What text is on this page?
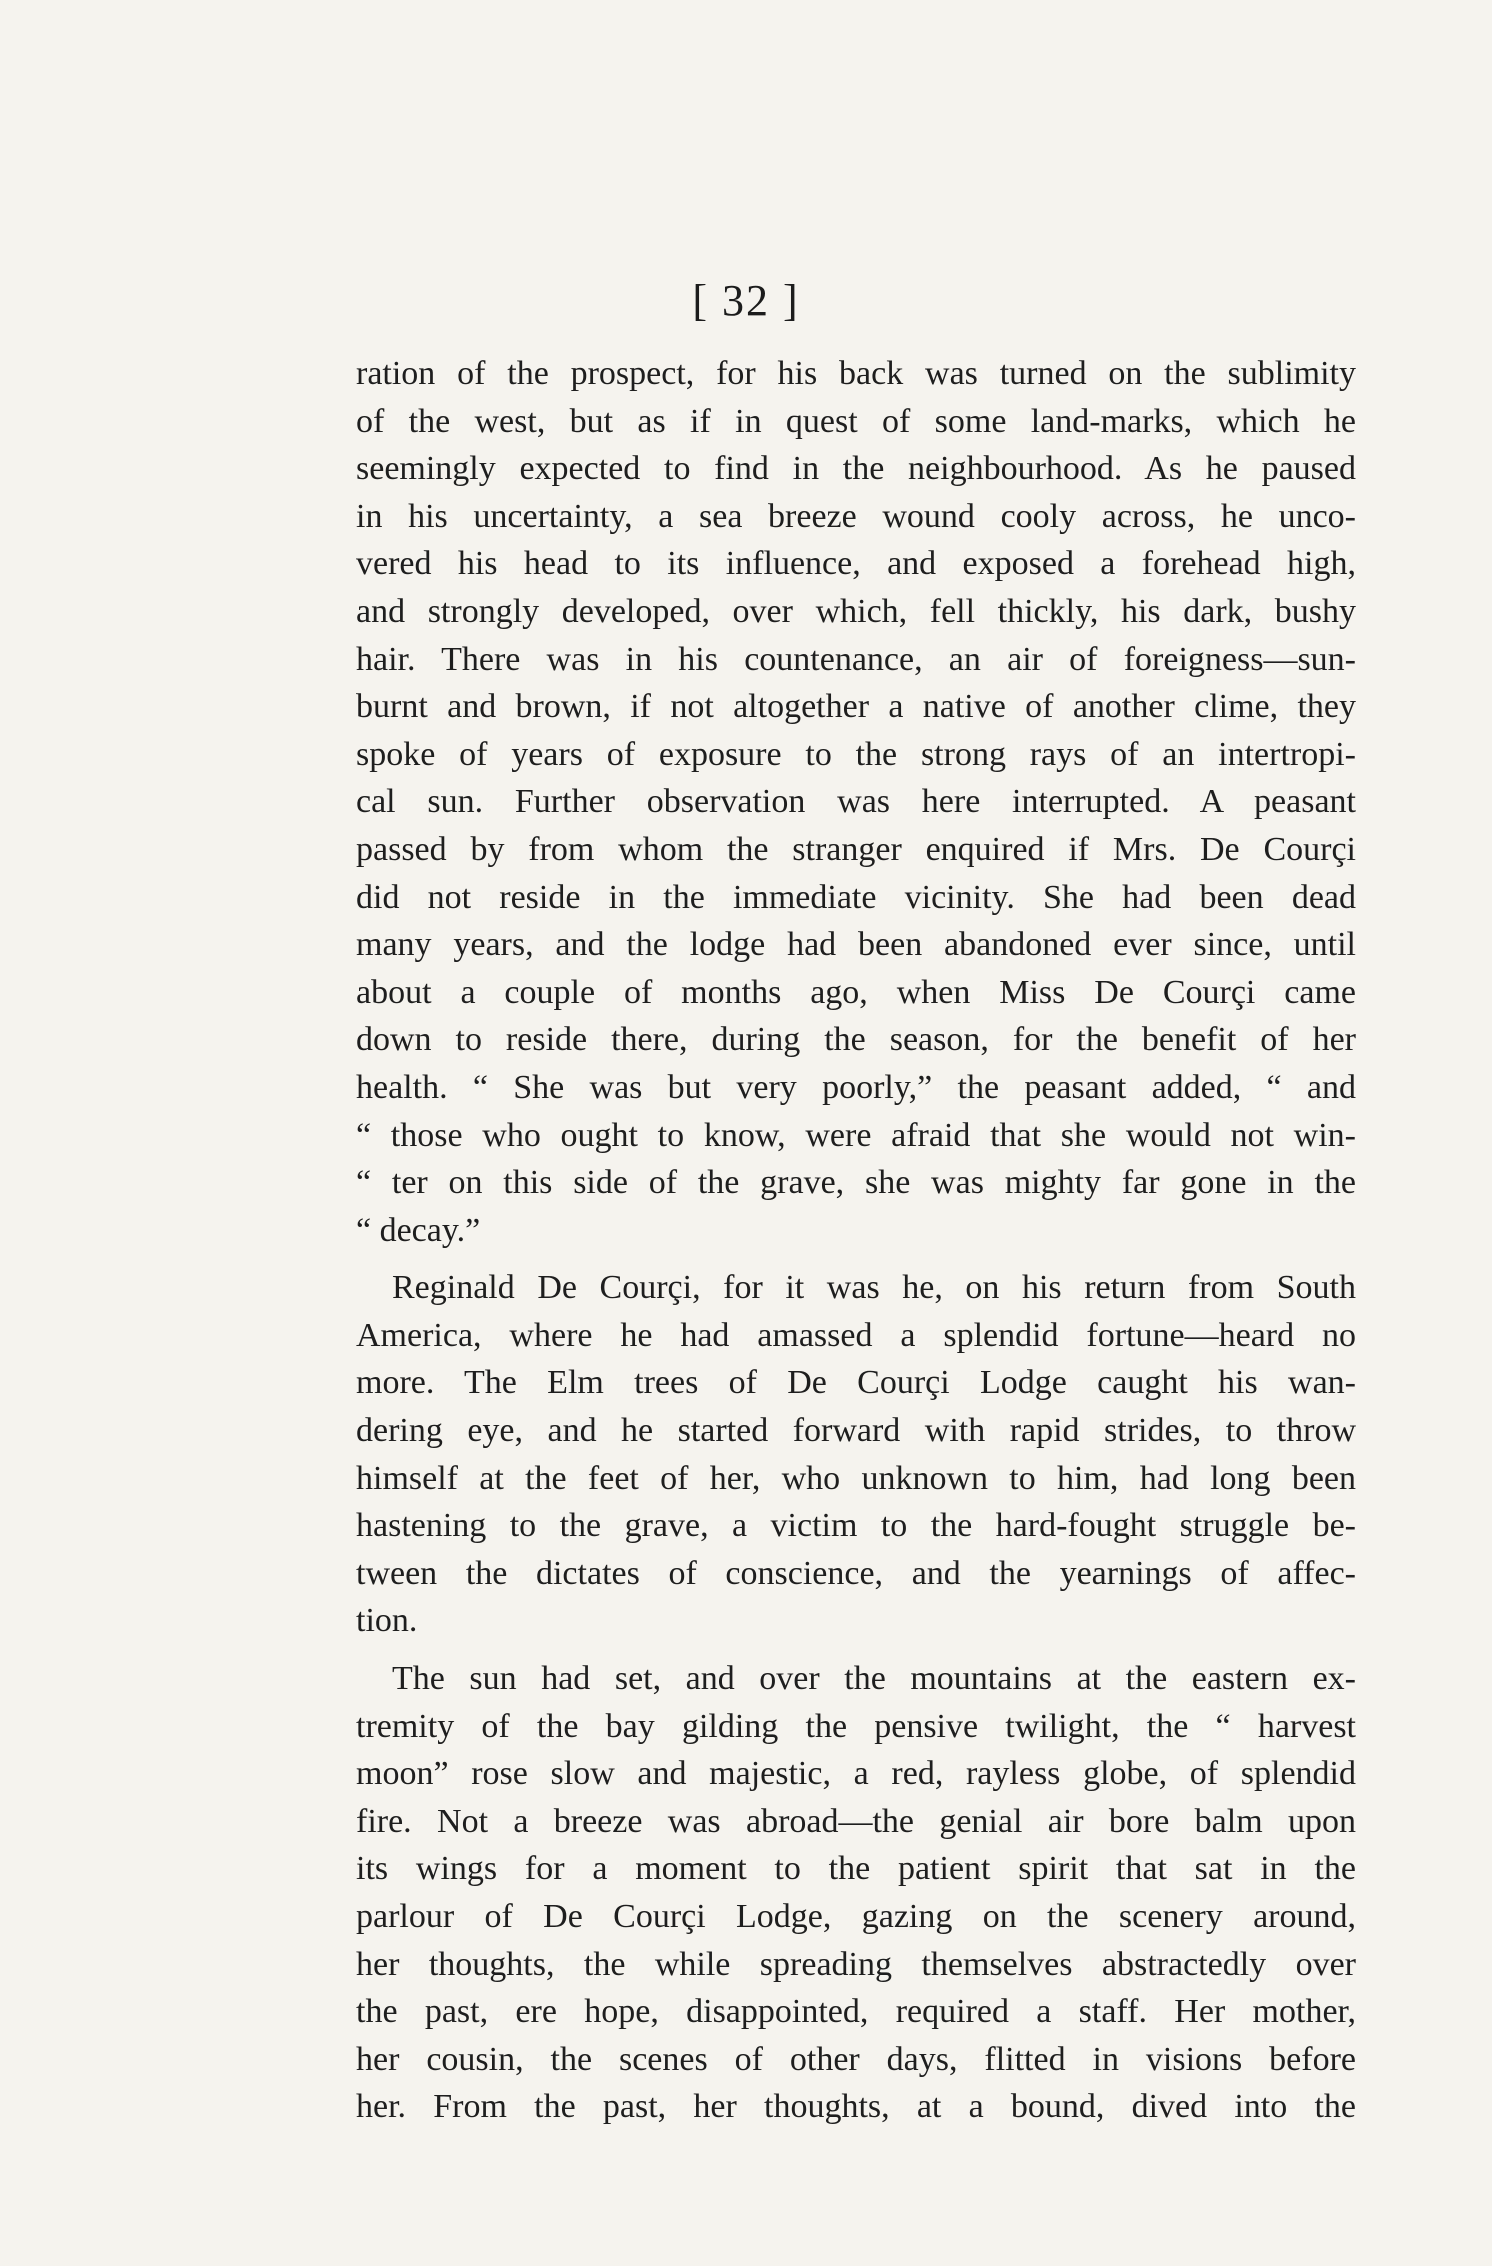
[ 32 ]
ration of the prospect, for his back was turned on the sublimity
of the west, but as if in quest of some land-marks, which he
seemingly expected to find in the neighbourhood. As he paused
in his uncertainty, a sea breeze wound cooly across, he unco-
vered his head to its influence, and exposed a forehead high,
and strongly developed, over which, fell thickly, his dark, bushy
hair. There was in his countenance, an air of foreigness—sun-
burnt and brown, if not altogether a native of another clime, they
spoke of years of exposure to the strong rays of an intertropi-
cal sun. Further observation was here interrupted. A peasant
passed by from whom the stranger enquired if Mrs. De Courçi
did not reside in the immediate vicinity. She had been dead
many years, and the lodge had been abandoned ever since, until
about a couple of months ago, when Miss De Courçi came
down to reside there, during the season, for the benefit of her
health. “ She was but very poorly,” the peasant added, “ and
“ those who ought to know, were afraid that she would not win-
“ ter on this side of the grave, she was mighty far gone in the
“ decay.”
Reginald De Courçi, for it was he, on his return from South
America, where he had amassed a splendid fortune—heard no
more. The Elm trees of De Courçi Lodge caught his wan-
dering eye, and he started forward with rapid strides, to throw
himself at the feet of her, who unknown to him, had long been
hastening to the grave, a victim to the hard-fought struggle be-
tween the dictates of conscience, and the yearnings of affec-
tion.
The sun had set, and over the mountains at the eastern ex-
tremity of the bay gilding the pensive twilight, the “ harvest
moon” rose slow and majestic, a red, rayless globe, of splendid
fire. Not a breeze was abroad—the genial air bore balm upon
its wings for a moment to the patient spirit that sat in the
parlour of De Courçi Lodge, gazing on the scenery around,
her thoughts, the while spreading themselves abstractedly over
the past, ere hope, disappointed, required a staff. Her mother,
her cousin, the scenes of other days, flitted in visions before
her. From the past, her thoughts, at a bound, dived into the
